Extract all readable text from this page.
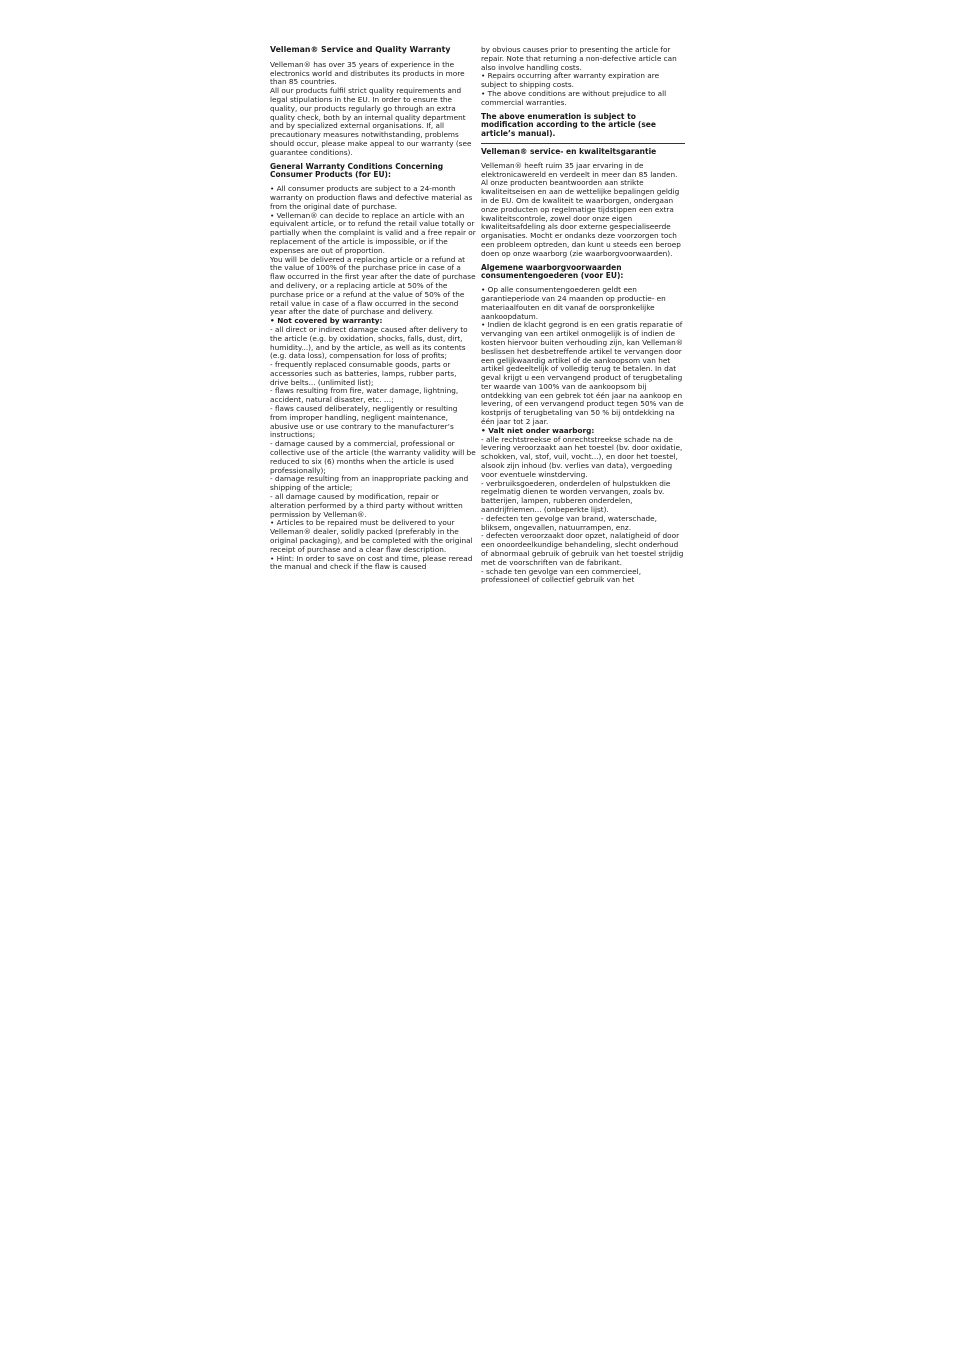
Velleman® Service and Quality Warranty

Velleman® has over 35 years of experience in the electronics world and distributes its products in more than 85 countries.

All our products fulfil strict quality requirements and legal stipulations in the EU. In order to ensure the quality, our products regularly go through an extra quality check, both by an internal quality department and by specialized external organisations. If, all precautionary measures notwithstanding, problems should occur, please make appeal to our warranty (see guarantee conditions).

General Warranty Conditions Concerning Consumer Products (for EU):

• All consumer products are subject to a 24-month warranty on production flaws and defective material as from the original date of purchase.

• Velleman® can decide to replace an article with an equivalent article, or to refund the retail value totally or partially when the complaint is valid and a free repair or replacement of the article is impossible, or if the expenses are out of proportion.

You will be delivered a replacing article or a refund at the value of 100% of the purchase price in case of a flaw occurred in the first year after the date of purchase and delivery, or a replacing article at 50% of the purchase price or a refund at the value of 50% of the retail value in case of a flaw occurred in the second year after the date of purchase and delivery.

• Not covered by warranty:

- all direct or indirect damage caused after delivery to the article (e.g. by oxidation, shocks, falls, dust, dirt, humidity...), and by the article, as well as its contents (e.g. data loss), compensation for loss of profits;

- frequently replaced consumable goods, parts or accessories such as batteries, lamps, rubber parts, drive belts... (unlimited list);

- flaws resulting from fire, water damage, lightning, accident, natural disaster, etc. …;

- flaws caused deliberately, negligently or resulting from improper handling, negligent maintenance, abusive use or use contrary to the manufacturer’s instructions;

- damage caused by a commercial, professional or collective use of the article (the warranty validity will be reduced to six (6) months when the article is used professionally);

- damage resulting from an inappropriate packing and shipping of the article;

- all damage caused by modification, repair or alteration performed by a third party without written permission by Velleman®.

• Articles to be repaired must be delivered to your Velleman® dealer, solidly packed (preferably in the original packaging), and be completed with the original receipt of purchase and a clear flaw description.

• Hint: In order to save on cost and time, please reread the manual and check if the flaw is caused

by obvious causes prior to presenting the article for repair. Note that returning a non-defective article can also involve handling costs.

• Repairs occurring after warranty expiration are subject to shipping costs.

• The above conditions are without prejudice to all commercial warranties.

The above enumeration is subject to modification according to the article (see article’s manual).

Velleman® service- en kwaliteitsgarantie

Velleman® heeft ruim 35 jaar ervaring in de elektronicawereld en verdeelt in meer dan 85 landen.

Al onze producten beantwoorden aan strikte kwaliteitseisen en aan de wettelijke bepalingen geldig in de EU. Om de kwaliteit te waarborgen, ondergaan onze producten op regelmatige tijdstippen een extra kwaliteitscontrole, zowel door onze eigen kwaliteitsafdeling als door externe gespecialiseerde organisaties. Mocht er ondanks deze voorzorgen toch een probleem optreden, dan kunt u steeds een beroep doen op onze waarborg (zie waarborgvoorwaarden).

Algemene waarborgvoorwaarden consumentengoederen (voor EU):

• Op alle consumentengoederen geldt een garantieperiode van 24 maanden op productie- en materiaalfouten en dit vanaf de oorspronkelijke aankoopdatum.

• Indien de klacht gegrond is en een gratis reparatie of vervanging van een artikel onmogelijk is of indien de kosten hiervoor buiten verhouding zijn, kan Velleman® beslissen het desbetreffende artikel te vervangen door een gelijkwaardig artikel of de aankoopsom van het artikel gedeeltelijk of volledig terug te betalen. In dat geval krijgt u een vervangend product of terugbetaling ter waarde van 100% van de aankoopsom bij ontdekking van een gebrek tot één jaar na aankoop en levering, of een vervangend product tegen 50% van de kostprijs of terugbetaling van 50 % bij ontdekking na één jaar tot 2 jaar.

• Valt niet onder waarborg:

- alle rechtstreekse of onrechtstreekse schade na de levering veroorzaakt aan het toestel (bv. door oxidatie, schokken, val, stof, vuil, vocht...), en door het toestel, alsook zijn inhoud (bv. verlies van data), vergoeding voor eventuele winstderving.

- verbruiksgoederen, onderdelen of hulpstukken die regelmatig dienen te worden vervangen, zoals bv. batterijen, lampen, rubberen onderdelen, aandrijfriemen... (onbeperkte lijst).

- defecten ten gevolge van brand, waterschade, bliksem, ongevallen, natuurrampen, enz.

- defecten veroorzaakt door opzet, nalatigheid of door een onoordeelkundige behandeling, slecht onderhoud of abnormaal gebruik of gebruik van het toestel strijdig met de voorschriften van de fabrikant.

- schade ten gevolge van een commercieel, professioneel of collectief gebruik van het
